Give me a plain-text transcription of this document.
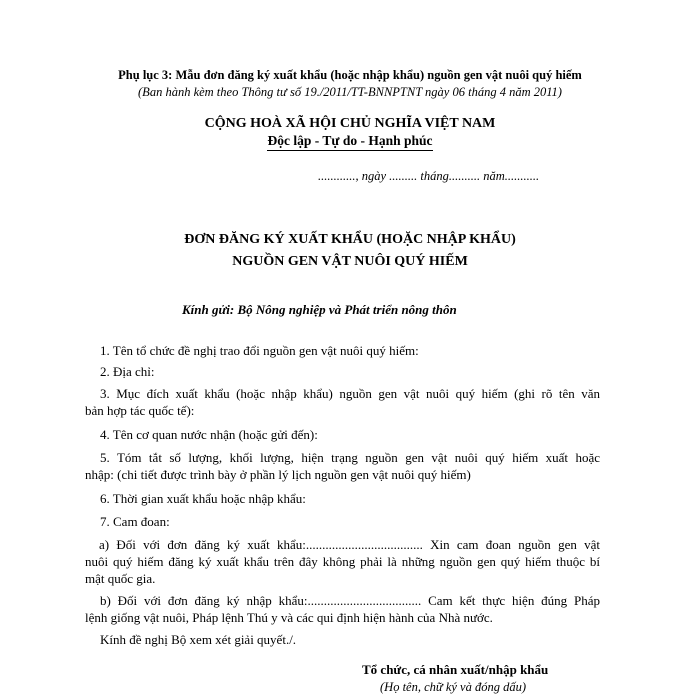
Phụ lục 3: Mẫu đơn đăng ký xuất khẩu (hoặc nhập khẩu) nguồn gen vật nuôi quý hiếm
(Ban hành kèm theo Thông tư số 19./2011/TT-BNNPTNT ngày 06 tháng 4 năm 2011)
CỘNG HOÀ XÃ HỘI CHỦ NGHĨA VIỆT NAM
Độc lập - Tự do - Hạnh phúc
............, ngày ......... tháng.......... năm...........
ĐƠN ĐĂNG KÝ XUẤT KHẨU (HOẶC NHẬP KHẨU)
NGUỒN GEN VẬT NUÔI QUÝ HIẾM
Kính gửi: Bộ Nông nghiệp và Phát triển nông thôn
1. Tên tổ chức đề nghị trao đổi nguồn gen vật nuôi quý hiếm:
2. Địa chỉ:
3. Mục đích xuất khẩu (hoặc nhập khẩu) nguồn gen vật nuôi quý hiếm (ghi rõ tên văn
bản hợp tác quốc tế):
4. Tên cơ quan nước nhận (hoặc gửi đến):
5. Tóm tắt số lượng, khối lượng, hiện trạng nguồn gen vật nuôi quý hiếm xuất hoặc
nhập: (chi tiết được trình bày ở phần lý lịch nguồn gen vật nuôi quý hiếm)
6. Thời gian xuất khẩu hoặc nhập khẩu:
7. Cam đoan:
a) Đối với đơn đăng ký xuất khẩu:.................................... Xin cam đoan nguồn gen vật
nuôi quý hiếm đăng ký xuất khẩu trên đây không phải là những nguồn gen quý hiếm thuộc bí
mật quốc gia.
b) Đối với đơn đăng ký nhập khẩu:................................... Cam kết thực hiện đúng Pháp
lệnh giống vật nuôi, Pháp lệnh Thú y và các qui định hiện hành của Nhà nước.
Kính đề nghị Bộ xem xét giải quyết./.
Tổ chức, cá nhân xuất/nhập khẩu
(Họ tên, chữ ký và đóng dấu)
